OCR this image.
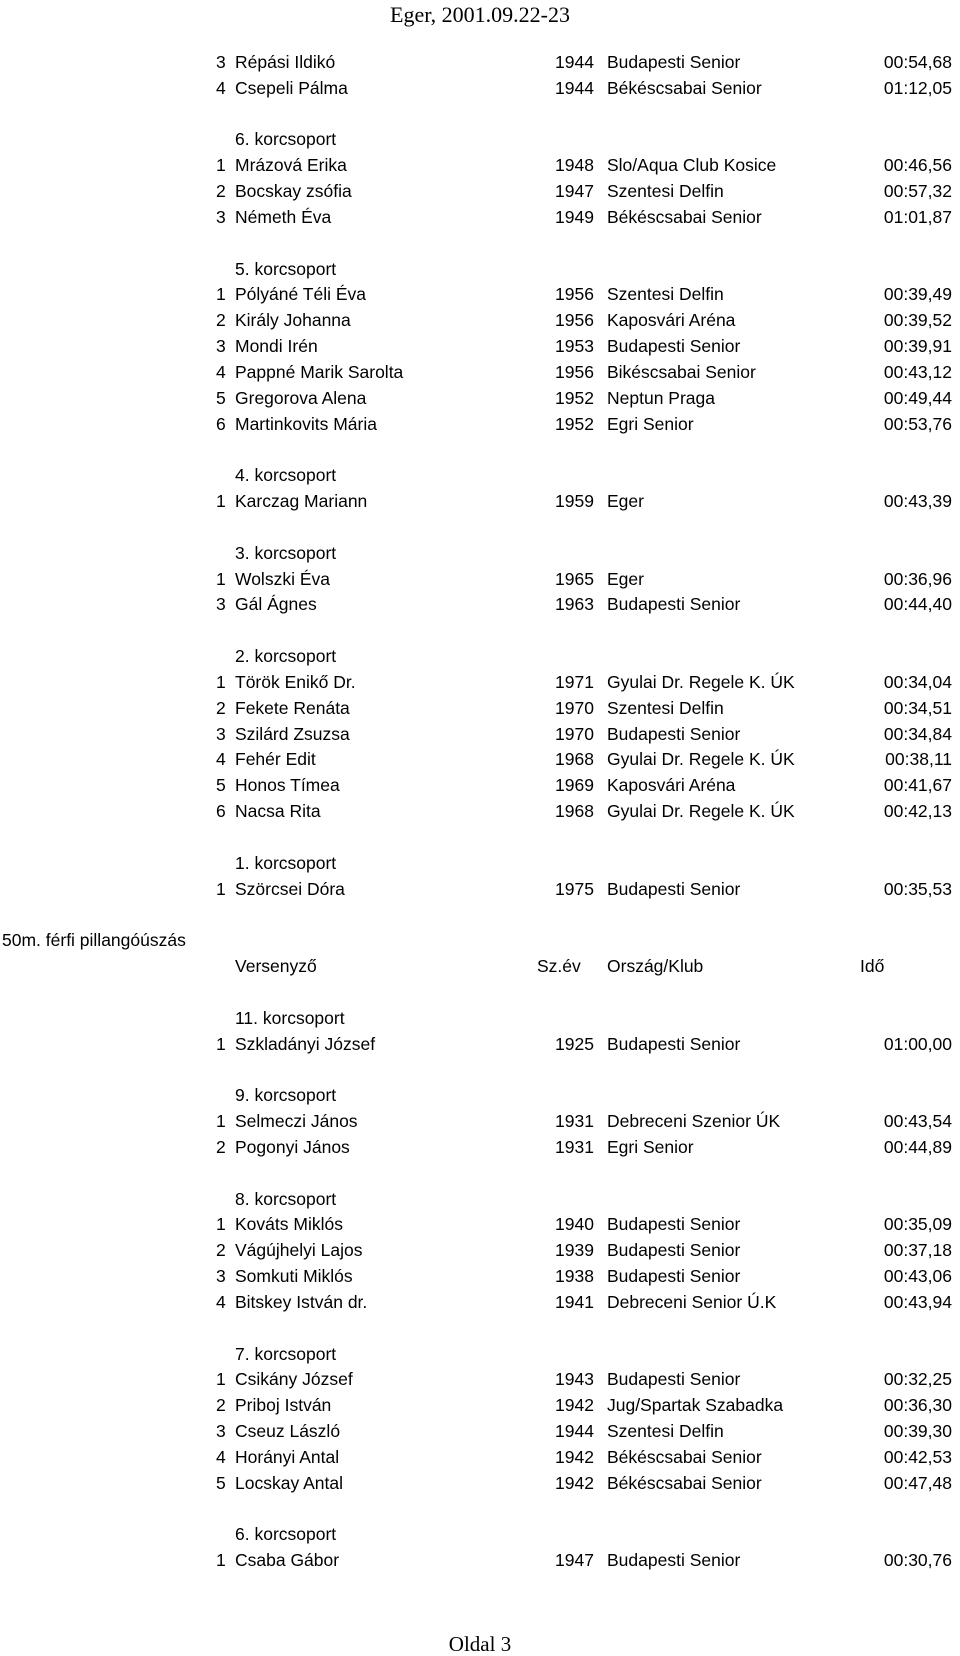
Eger, 2001.09.22-23
3 Répási Ildikó	1944 Budapesti Senior	00:54,68
4 Csepeli Pálma	1944 Békéscsabai Senior	01:12,05
6. korcsoport
1 Mrázová Erika	1948 Slo/Aqua Club Kosice	00:46,56
2 Bocskay zsófia	1947 Szentesi Delfin	00:57,32
3 Németh Éva	1949 Békéscsabai Senior	01:01,87
5. korcsoport
1 Pólyáné Téli Éva	1956 Szentesi Delfin	00:39,49
2 Király Johanna	1956 Kaposvári Aréna	00:39,52
3 Mondi Irén	1953 Budapesti Senior	00:39,91
4 Pappné Marik Sarolta	1956 Bikéscsabai Senior	00:43,12
5 Gregorova Alena	1952 Neptun Praga	00:49,44
6 Martinkovits Mária	1952 Egri Senior	00:53,76
4. korcsoport
1 Karczag Mariann	1959 Eger	00:43,39
3. korcsoport
1 Wolszki Éva	1965 Eger	00:36,96
3 Gál Ágnes	1963 Budapesti Senior	00:44,40
2. korcsoport
1 Török Enikő Dr.	1971 Gyulai Dr. Regele K. ÚK	00:34,04
2 Fekete Renáta	1970 Szentesi Delfin	00:34,51
3 Szilárd Zsuzsa	1970 Budapesti Senior	00:34,84
4 Fehér Edit	1968 Gyulai Dr. Regele K. ÚK	00:38,11
5 Honos Tímea	1969 Kaposvári Aréna	00:41,67
6 Nacsa Rita	1968 Gyulai Dr. Regele K. ÚK	00:42,13
1. korcsoport
1 Szörcsei Dóra	1975 Budapesti Senior	00:35,53
50m. férfi pillangóúszás
Versenyző	Sz.év Ország/Klub	Idő
11. korcsoport
1 Szkladányi József	1925 Budapesti Senior	01:00,00
9. korcsoport
1 Selmeczi János	1931 Debreceni Szenior ÚK	00:43,54
2 Pogonyi János	1931 Egri Senior	00:44,89
8. korcsoport
1 Kováts Miklós	1940 Budapesti Senior	00:35,09
2 Vágújhelyi Lajos	1939 Budapesti Senior	00:37,18
3 Somkuti Miklós	1938 Budapesti Senior	00:43,06
4 Bitskey István dr.	1941 Debreceni Senior Ú.K	00:43,94
7. korcsoport
1 Csikány József	1943 Budapesti Senior	00:32,25
2 Priboj István	1942 Jug/Spartak Szabadka	00:36,30
3 Cseuz László	1944 Szentesi Delfin	00:39,30
4 Horányi Antal	1942 Békéscsabai Senior	00:42,53
5 Locskay Antal	1942 Békéscsabai Senior	00:47,48
6. korcsoport
1 Csaba Gábor	1947 Budapesti Senior	00:30,76
Oldal 3
